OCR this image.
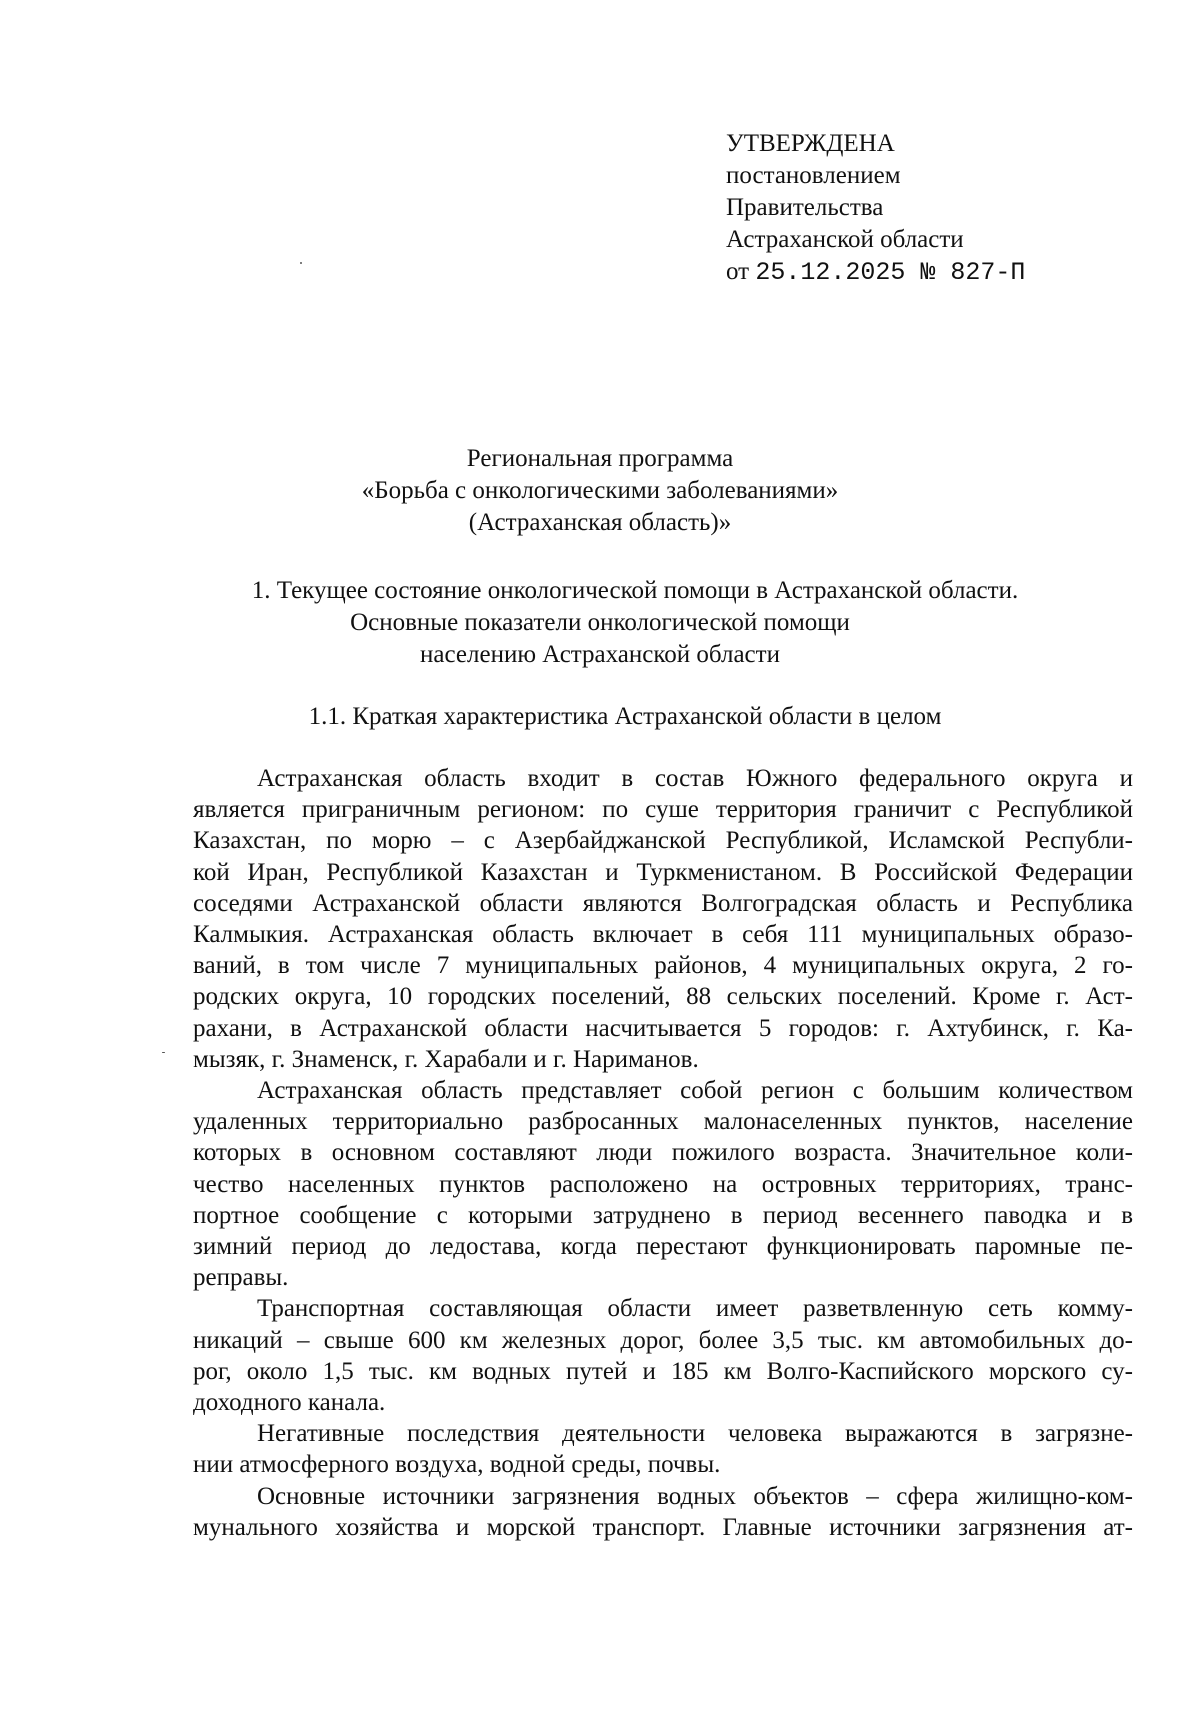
УТВЕРЖДЕНА
постановлением
Правительства
Астраханской области
от 25.12.2025 № 827-П
Региональная программа
«Борьба с онкологическими заболеваниями»
(Астраханская область)»
1. Текущее состояние онкологической помощи в Астраханской области.
Основные показатели онкологической помощи
населению Астраханской области
1.1. Краткая характеристика Астраханской области в целом
Астраханская область входит в состав Южного федерального округа и
является приграничным регионом: по суше территория граничит с Республикой
Казахстан, по морю – с Азербайджанской Республикой, Исламской Республи-
кой Иран, Республикой Казахстан и Туркменистаном. В Российской Федерации
соседями Астраханской области являются Волгоградская область и Республика
Калмыкия. Астраханская область включает в себя 111 муниципальных образо-
ваний, в том числе 7 муниципальных районов, 4 муниципальных округа, 2 го-
родских округа, 10 городских поселений, 88 сельских поселений. Кроме г. Аст-
рахани, в Астраханской области насчитывается 5 городов: г. Ахтубинск, г. Ка-
мызяк, г. Знаменск, г. Харабали и г. Нариманов.
Астраханская область представляет собой регион с большим количеством
удаленных территориально разбросанных малонаселенных пунктов, население
которых в основном составляют люди пожилого возраста. Значительное коли-
чество населенных пунктов расположено на островных территориях, транс-
портное сообщение с которыми затруднено в период весеннего паводка и в
зимний период до ледостава, когда перестают функционировать паромные пе-
реправы.
Транспортная составляющая области имеет разветвленную сеть комму-
никаций – свыше 600 км железных дорог, более 3,5 тыс. км автомобильных до-
рог, около 1,5 тыс. км водных путей и 185 км Волго-Каспийского морского су-
доходного канала.
Негативные последствия деятельности человека выражаются в загрязне-
нии атмосферного воздуха, водной среды, почвы.
Основные источники загрязнения водных объектов – сфера жилищно-ком-
мунального хозяйства и морской транспорт. Главные источники загрязнения ат-
